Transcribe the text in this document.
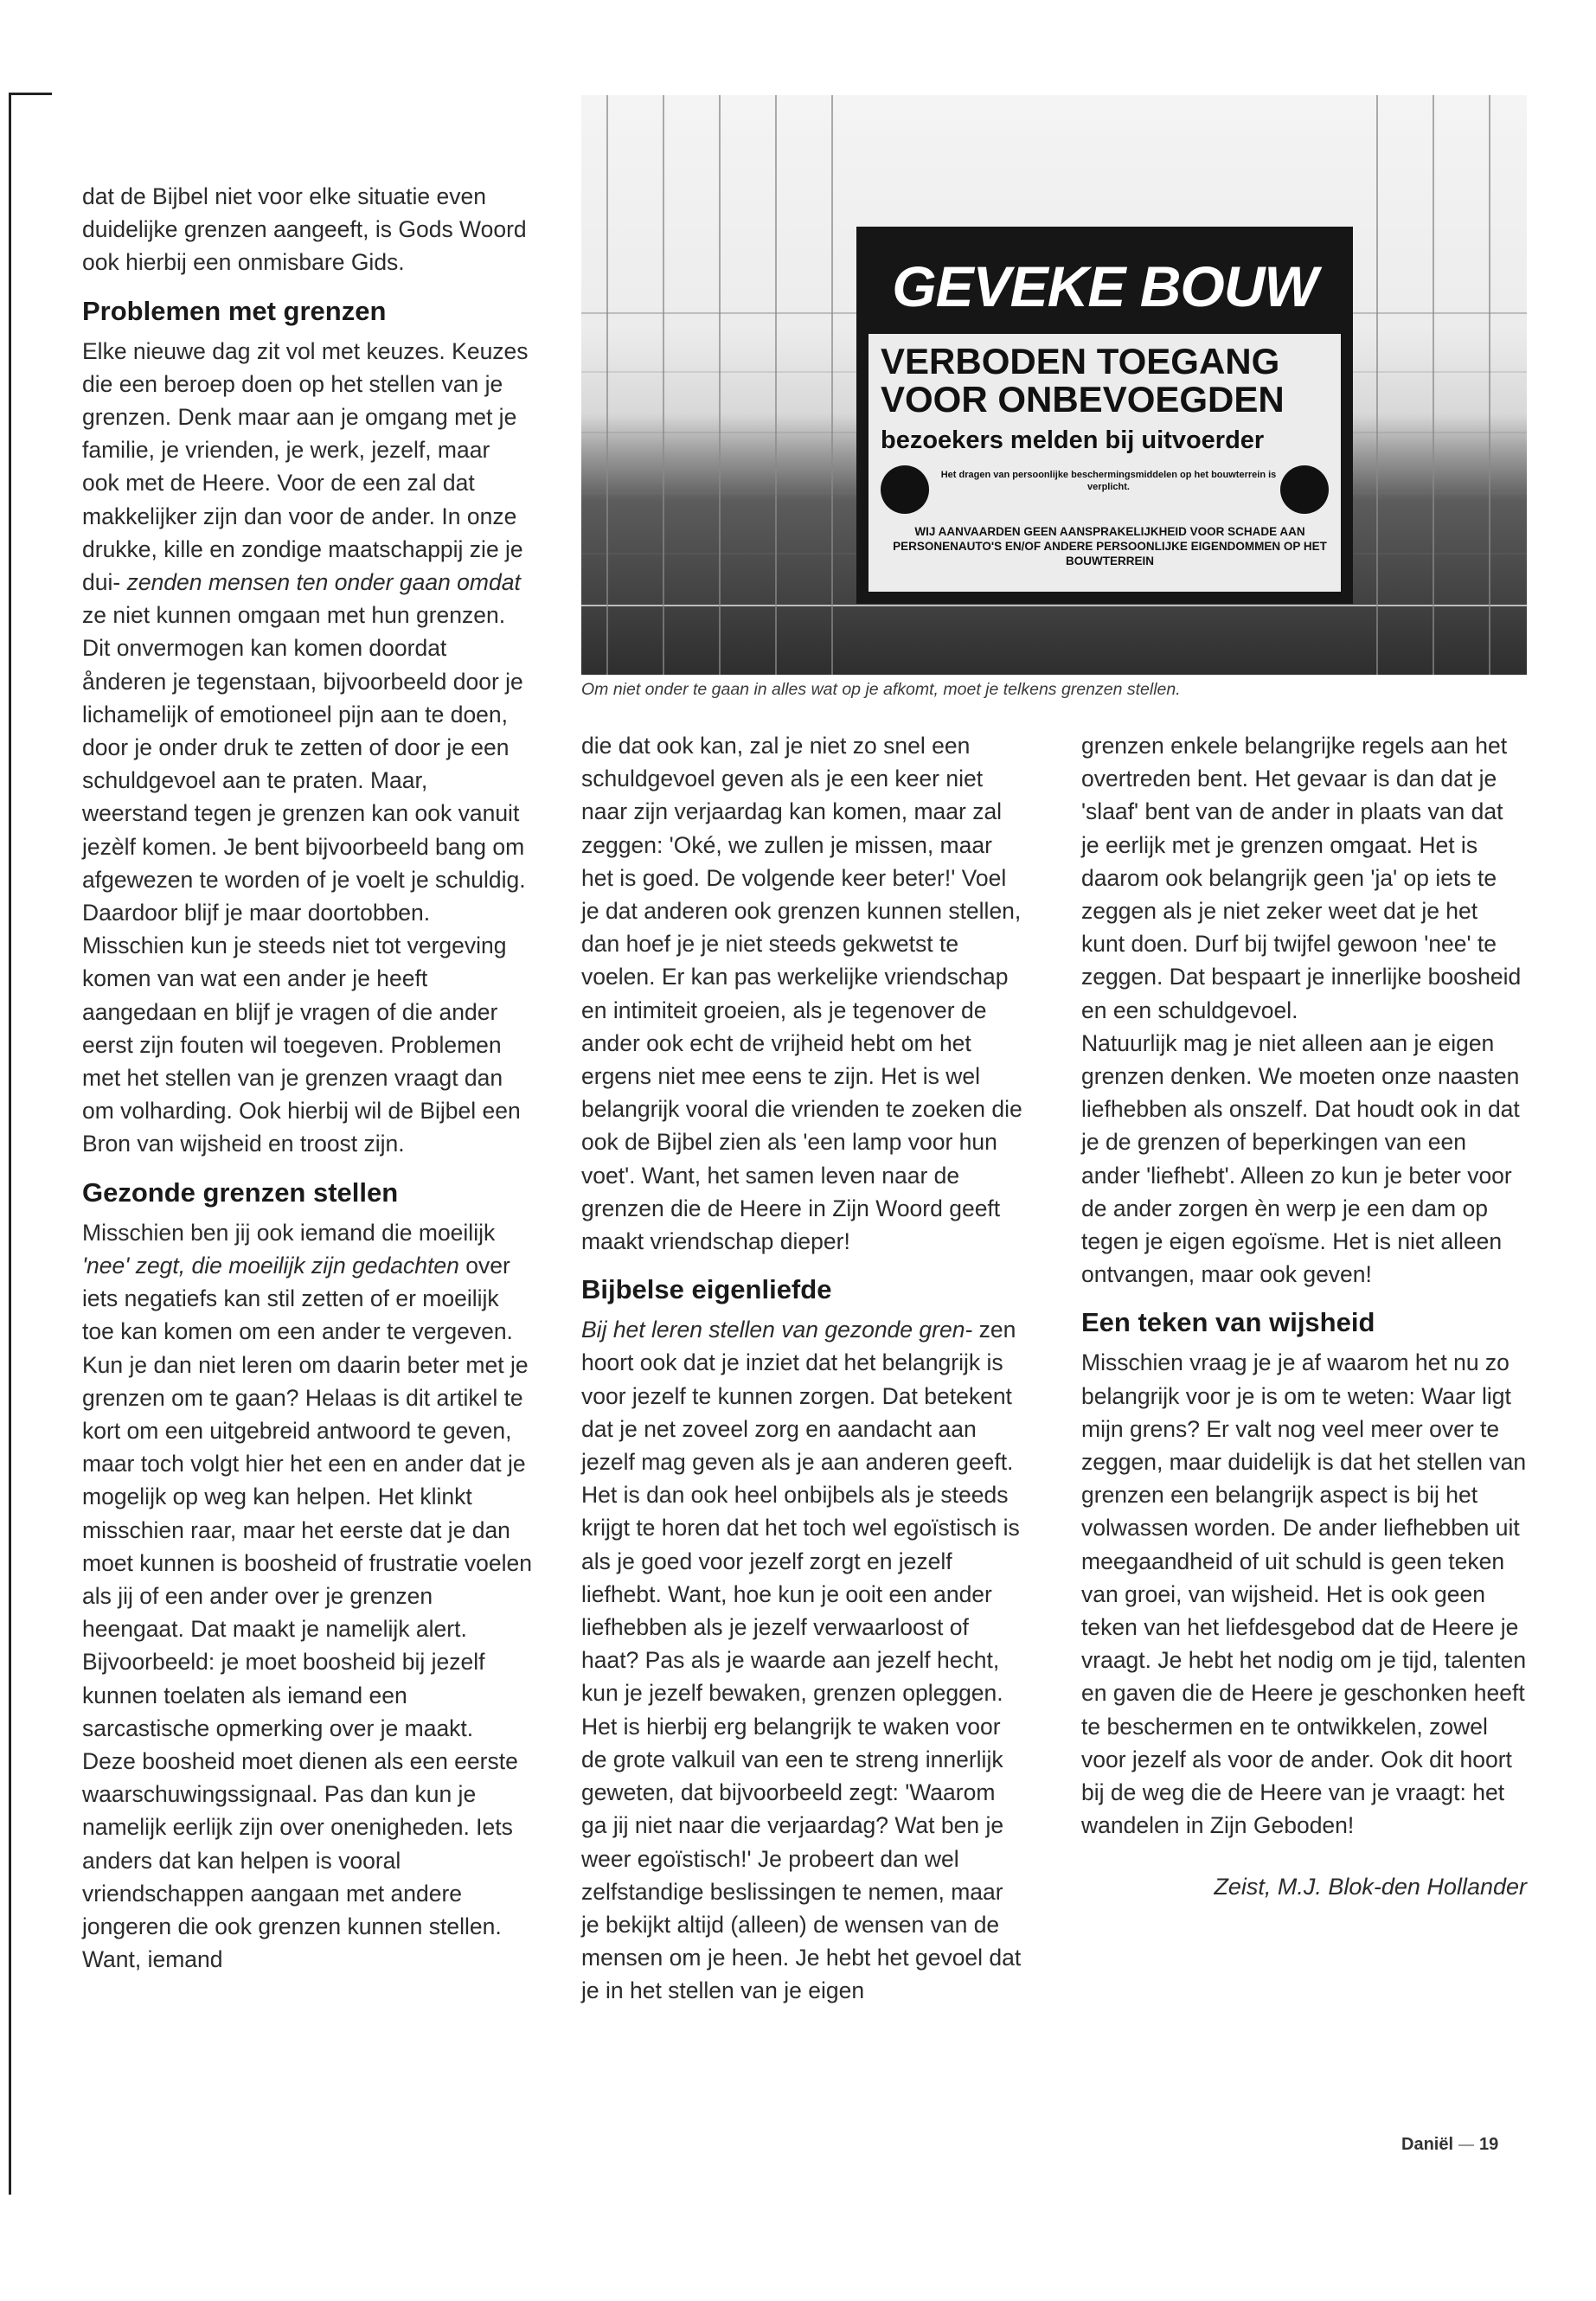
dat de Bijbel niet voor elke situatie even duidelijke grenzen aangeeft, is Gods Woord ook hierbij een onmisbare Gids.

Problemen met grenzen

Elke nieuwe dag zit vol met keuzes. Keuzes die een beroep doen op het stellen van je grenzen. Denk maar aan je omgang met je familie, je vrienden, je werk, jezelf, maar ook met de Heere. Voor de een zal dat makkelijker zijn dan voor de ander. In onze drukke, kille en zondige maatschappij zie je dui- zenden mensen ten onder gaan omdat ze niet kunnen omgaan met hun grenzen. Dit onvermogen kan komen doordat ånderen je tegenstaan, bijvoorbeeld door je lichamelijk of emotioneel pijn aan te doen, door je onder druk te zetten of door je een schuldgevoel aan te praten. Maar, weerstand tegen je grenzen kan ook vanuit jezèlf komen. Je bent bijvoorbeeld bang om afgewezen te worden of je voelt je schuldig. Daardoor blijf je maar doortobben. Misschien kun je steeds niet tot vergeving komen van wat een ander je heeft aangedaan en blijf je vragen of die ander eerst zijn fouten wil toegeven. Problemen met het stellen van je grenzen vraagt dan om volharding. Ook hierbij wil de Bijbel een Bron van wijsheid en troost zijn.

Gezonde grenzen stellen

Misschien ben jij ook iemand die moeilijk 'nee' zegt, die moeilijk zijn gedachten over iets negatiefs kan stil zetten of er moeilijk toe kan komen om een ander te vergeven. Kun je dan niet leren om daarin beter met je grenzen om te gaan? Helaas is dit artikel te kort om een uitgebreid antwoord te geven, maar toch volgt hier het een en ander dat je mogelijk op weg kan helpen. Het klinkt misschien raar, maar het eerste dat je dan moet kunnen is boosheid of frustratie voelen als jij of een ander over je grenzen heengaat. Dat maakt je namelijk alert. Bijvoorbeeld: je moet boosheid bij jezelf kunnen toelaten als iemand een sarcastische opmerking over je maakt. Deze boosheid moet dienen als een eerste waarschuwingssignaal. Pas dan kun je namelijk eerlijk zijn over onenigheden. Iets anders dat kan helpen is vooral vriendschappen aangaan met andere jongeren die ook grenzen kunnen stellen. Want, iemand

GEVEKE BOUW
VERBODEN TOEGANG
VOOR ONBEVOEGDEN
bezoekers melden bij uitvoerder
Het dragen van persoonlijke beschermingsmiddelen op het bouwterrein is verplicht.
WIJ AANVAARDEN GEEN AANSPRAKELIJKHEID VOOR SCHADE AAN PERSONENAUTO'S EN/OF ANDERE PERSOONLIJKE EIGENDOMMEN OP HET BOUWTERREIN
Om niet onder te gaan in alles wat op je afkomt, moet je telkens grenzen stellen.

die dat ook kan, zal je niet zo snel een schuldgevoel geven als je een keer niet naar zijn verjaardag kan komen, maar zal zeggen: 'Oké, we zullen je missen, maar het is goed. De volgende keer beter!' Voel je dat anderen ook grenzen kunnen stellen, dan hoef je je niet steeds gekwetst te voelen. Er kan pas werkelijke vriendschap en intimiteit groeien, als je tegenover de ander ook echt de vrijheid hebt om het ergens niet mee eens te zijn. Het is wel belangrijk vooral die vrienden te zoeken die ook de Bijbel zien als 'een lamp voor hun voet'. Want, het samen leven naar de grenzen die de Heere in Zijn Woord geeft maakt vriendschap dieper!

Bijbelse eigenliefde

Bij het leren stellen van gezonde gren- zen hoort ook dat je inziet dat het belangrijk is voor jezelf te kunnen zorgen. Dat betekent dat je net zoveel zorg en aandacht aan jezelf mag geven als je aan anderen geeft. Het is dan ook heel onbijbels als je steeds krijgt te horen dat het toch wel egoïstisch is als je goed voor jezelf zorgt en jezelf liefhebt. Want, hoe kun je ooit een ander liefhebben als je jezelf verwaarloost of haat? Pas als je waarde aan jezelf hecht, kun je jezelf bewaken, grenzen opleggen. Het is hierbij erg belangrijk te waken voor de grote valkuil van een te streng innerlijk geweten, dat bijvoorbeeld zegt: 'Waarom ga jij niet naar die verjaardag? Wat ben je weer egoïstisch!' Je probeert dan wel zelfstandige beslissingen te nemen, maar je bekijkt altijd (alleen) de wensen van de mensen om je heen. Je hebt het gevoel dat je in het stellen van je eigen

grenzen enkele belangrijke regels aan het overtreden bent. Het gevaar is dan dat je 'slaaf' bent van de ander in plaats van dat je eerlijk met je grenzen omgaat. Het is daarom ook belangrijk geen 'ja' op iets te zeggen als je niet zeker weet dat je het kunt doen. Durf bij twijfel gewoon 'nee' te zeggen. Dat bespaart je innerlijke boosheid en een schuldgevoel.

Natuurlijk mag je niet alleen aan je eigen grenzen denken. We moeten onze naasten liefhebben als onszelf. Dat houdt ook in dat je de grenzen of beperkingen van een ander 'liefhebt'. Alleen zo kun je beter voor de ander zorgen èn werp je een dam op tegen je eigen egoïsme. Het is niet alleen ontvangen, maar ook geven!

Een teken van wijsheid

Misschien vraag je je af waarom het nu zo belangrijk voor je is om te weten: Waar ligt mijn grens? Er valt nog veel meer over te zeggen, maar duidelijk is dat het stellen van grenzen een belangrijk aspect is bij het volwassen worden. De ander liefhebben uit meegaandheid of uit schuld is geen teken van groei, van wijsheid. Het is ook geen teken van het liefdesgebod dat de Heere je vraagt. Je hebt het nodig om je tijd, talenten en gaven die de Heere je geschonken heeft te beschermen en te ontwikkelen, zowel voor jezelf als voor de ander. Ook dit hoort bij de weg die de Heere van je vraagt: het wandelen in Zijn Geboden!

Zeist, M.J. Blok-den Hollander

Daniël 19
